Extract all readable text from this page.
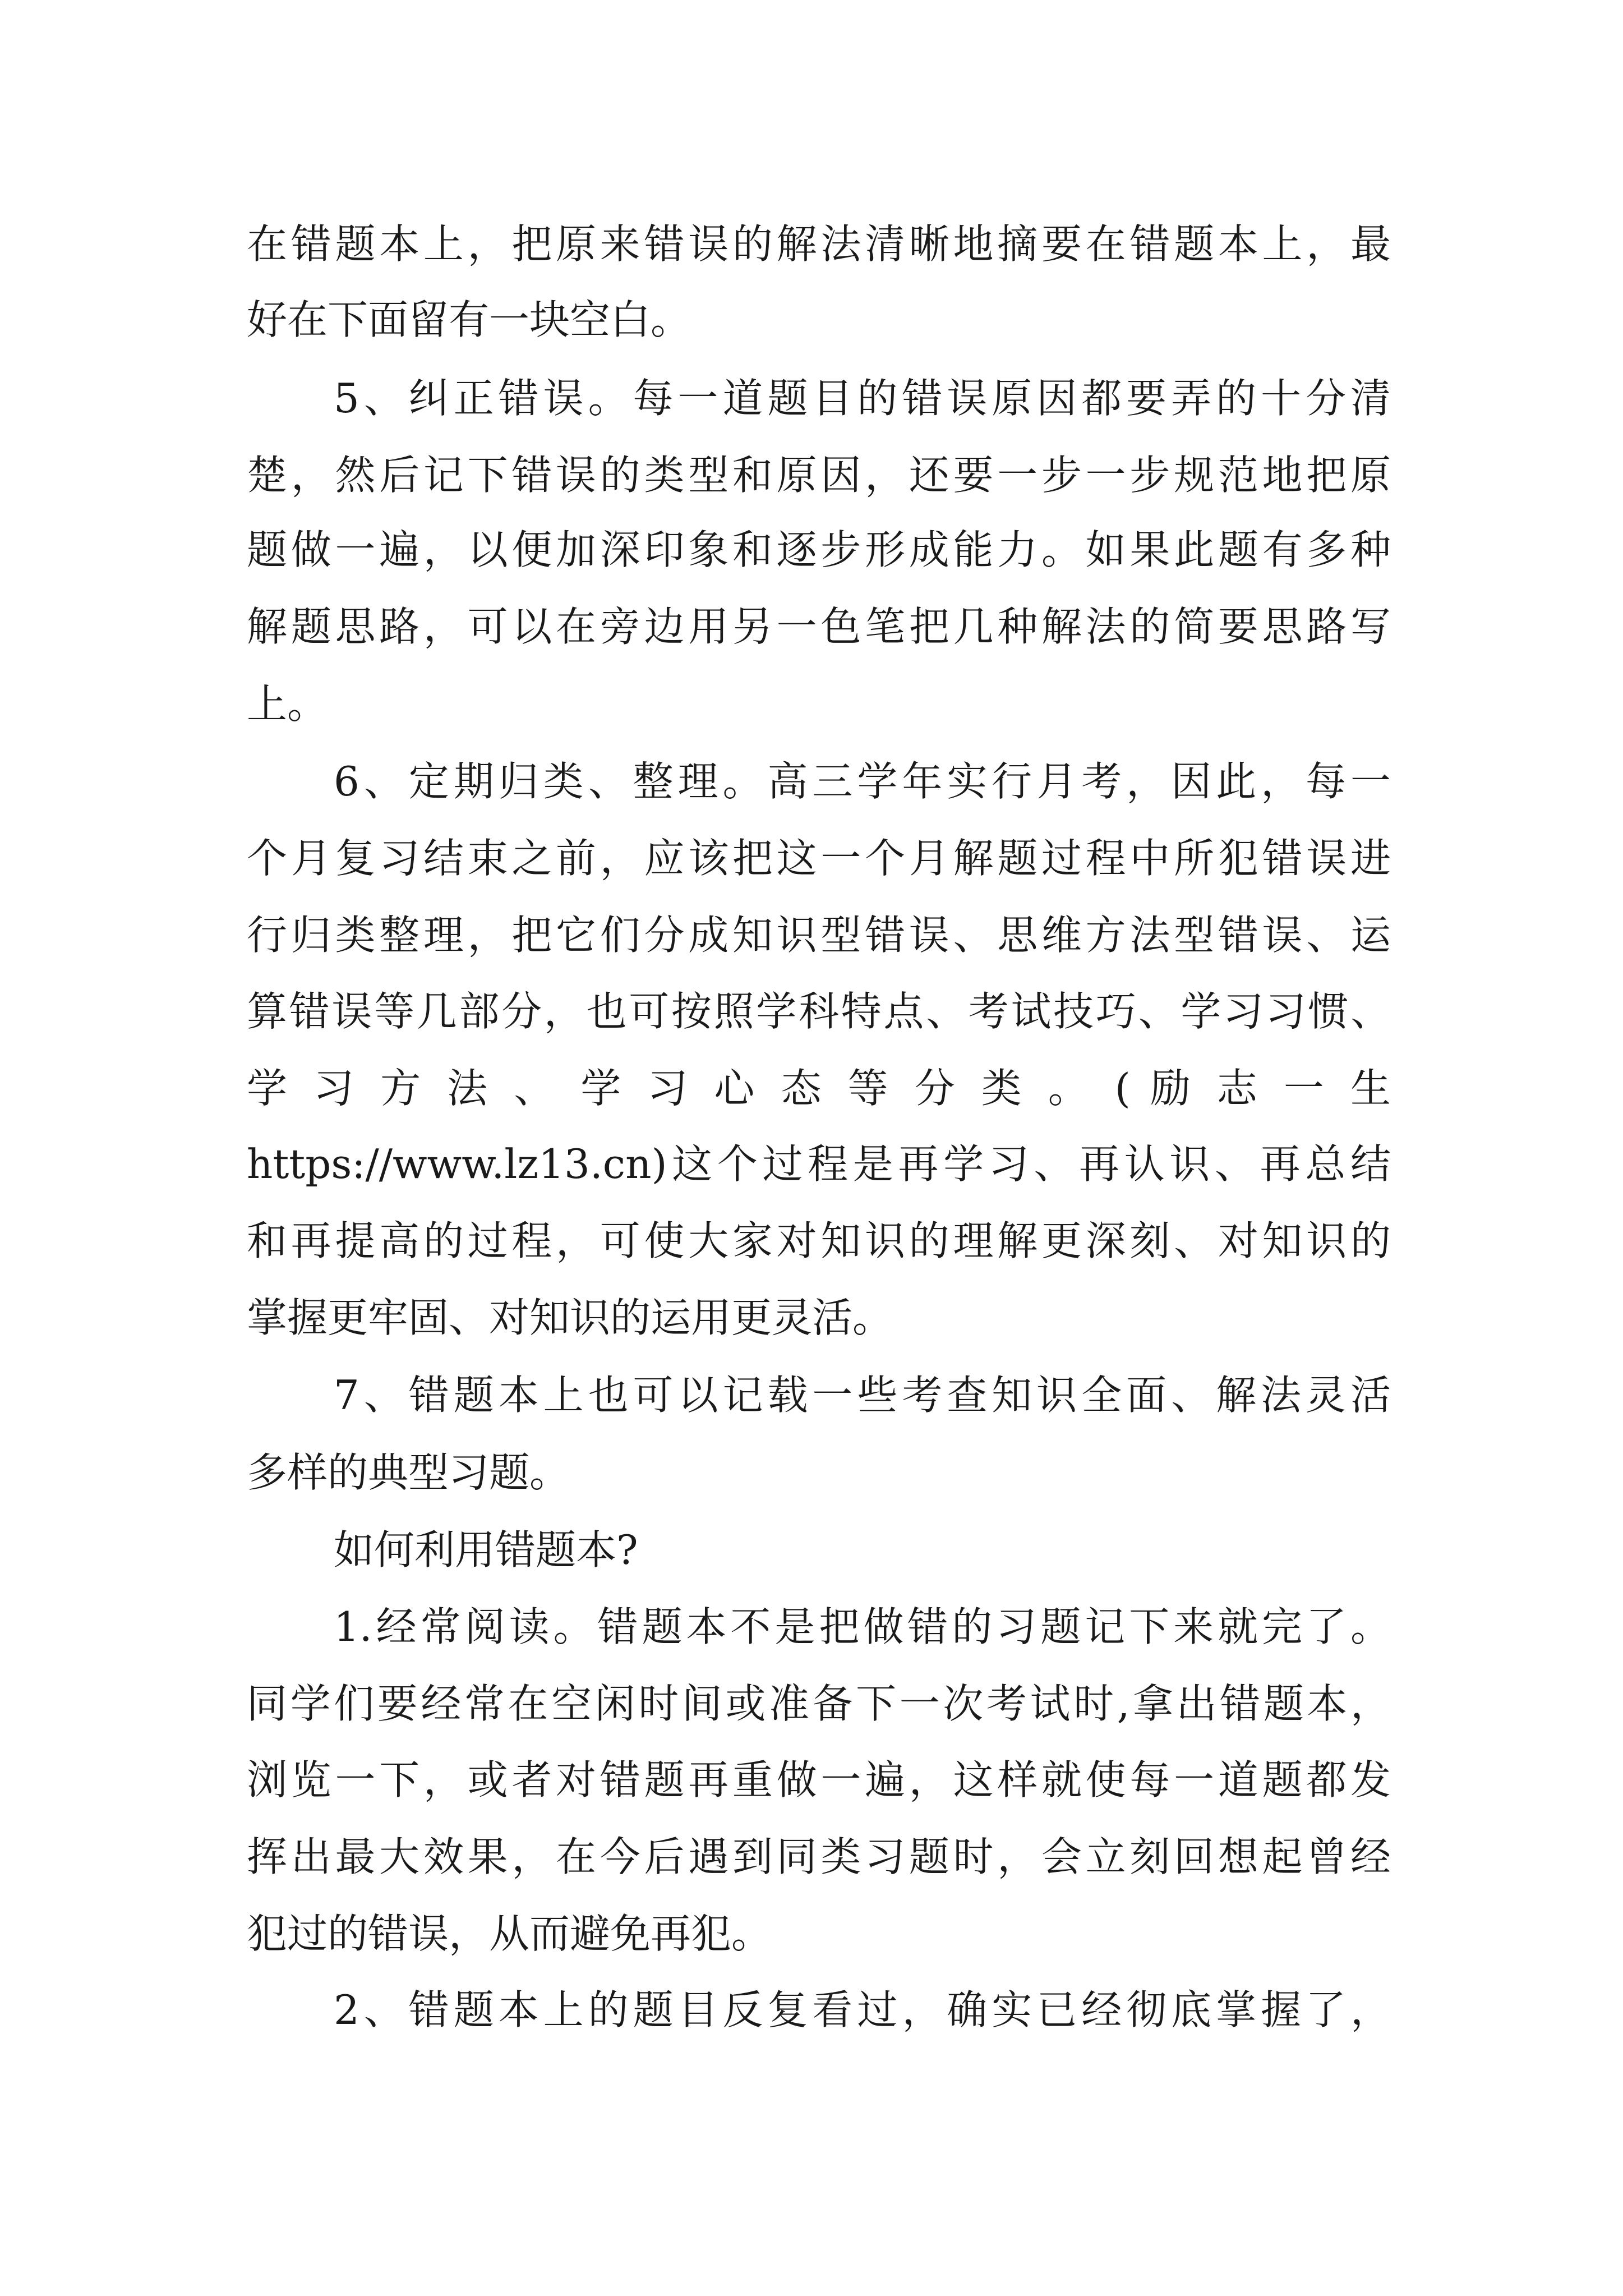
在错题本上，把原来错误的解法清晰地摘要在错题本上，最
好在下面留有一块空白。
5、纠正错误。每一道题目的错误原因都要弄的十分清
楚，然后记下错误的类型和原因，还要一步一步规范地把原
题做一遍，以便加深印象和逐步形成能力。如果此题有多种
解题思路，可以在旁边用另一色笔把几种解法的简要思路写
上。
6、定期归类、整理。高三学年实行月考，因此，每一
个月复习结束之前，应该把这一个月解题过程中所犯错误进
行归类整理，把它们分成知识型错误、思维方法型错误、运
算错误等几部分，也可按照学科特点、考试技巧、学习习惯、
学 习 方 法 、 学 习 心 态 等 分 类 。 ( 励 志 一 生
https://www.lz13.cn)这个过程是再学习、再认识、再总结
和再提高的过程，可使大家对知识的理解更深刻、对知识的
掌握更牢固、对知识的运用更灵活。
7、错题本上也可以记载一些考查知识全面、解法灵活
多样的典型习题。
如何利用错题本?
1.经常阅读。错题本不是把做错的习题记下来就完了。
同学们要经常在空闲时间或准备下一次考试时,拿出错题本，
浏览一下，或者对错题再重做一遍，这样就使每一道题都发
挥出最大效果，在今后遇到同类习题时，会立刻回想起曾经
犯过的错误，从而避免再犯。
2、错题本上的题目反复看过，确实已经彻底掌握了，
